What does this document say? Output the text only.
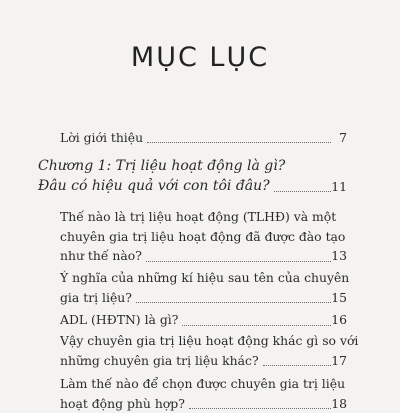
MỤC LỤC
Lời giới thiệu	7
Chương 1: Trị liệu hoạt động là gì?
Đâu có hiệu quả với con tôi đâu?	11
Thế nào là trị liệu hoạt động (TLHĐ) và một
chuyên gia trị liệu hoạt động đã được đào tạo
như thế nào?	13
Ý nghĩa của những kí hiệu sau tên của chuyên
gia trị liệu?	15
ADL (HĐTN) là gì?	16
Vậy chuyên gia trị liệu hoạt động khác gì so với
những chuyên gia trị liệu khác?	17
Làm thế nào để chọn được chuyên gia trị liệu
hoạt động phù hợp?	18
